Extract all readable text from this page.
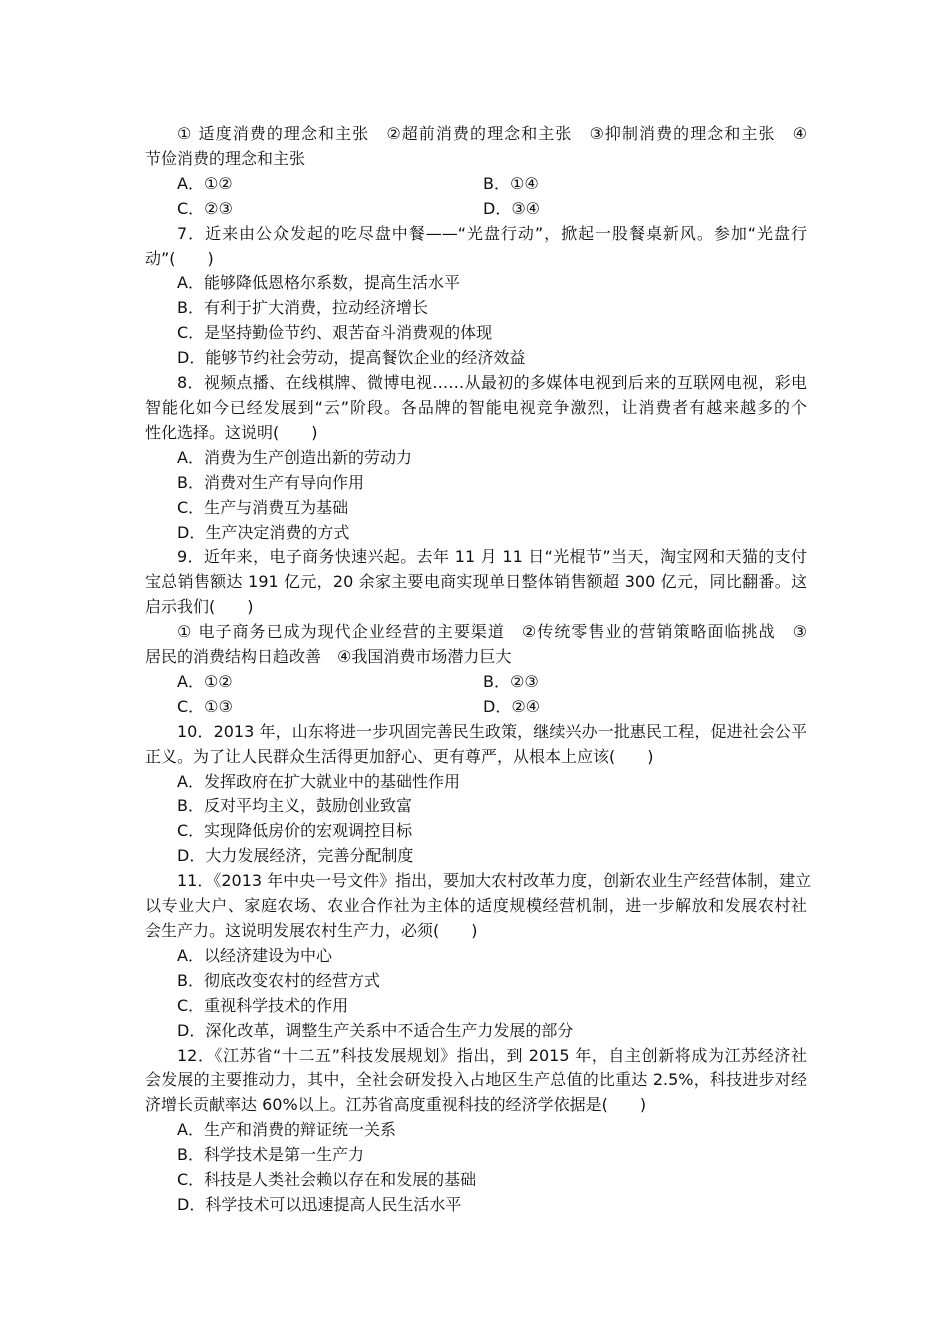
① 适度消费的理念和主张　②超前消费的理念和主张　③抑制消费的理念和主张　④
节俭消费的理念和主张
A．①②	B．①④
C．②③	D．③④
7．近来由公众发起的吃尽盘中餐——“光盘行动”，掀起一股餐桌新风。参加“光盘行
动”(　　)
A．能够降低恩格尔系数，提高生活水平
B．有利于扩大消费，拉动经济增长
C．是坚持勤俭节约、艰苦奋斗消费观的体现
D．能够节约社会劳动，提高餐饮企业的经济效益
8．视频点播、在线棋牌、微博电视……从最初的多媒体电视到后来的互联网电视，彩电
智能化如今已经发展到“云”阶段。各品牌的智能电视竞争激烈，让消费者有越来越多的个
性化选择。这说明(　　)
A．消费为生产创造出新的劳动力
B．消费对生产有导向作用
C．生产与消费互为基础
D．生产决定消费的方式
9．近年来，电子商务快速兴起。去年 11 月 11 日“光棍节”当天，淘宝网和天猫的支付
宝总销售额达 191 亿元，20 余家主要电商实现单日整体销售额超 300 亿元，同比翻番。这
启示我们(　　)
① 电子商务已成为现代企业经营的主要渠道　②传统零售业的营销策略面临挑战　③
居民的消费结构日趋改善　④我国消费市场潜力巨大
A．①②	B．②③
C．①③	D．②④
10．2013 年，山东将进一步巩固完善民生政策，继续兴办一批惠民工程，促进社会公平
正义。为了让人民群众生活得更加舒心、更有尊严，从根本上应该(　　)
A．发挥政府在扩大就业中的基础性作用
B．反对平均主义，鼓励创业致富
C．实现降低房价的宏观调控目标
D．大力发展经济，完善分配制度
11．《2013 年中央一号文件》指出，要加大农村改革力度，创新农业生产经营体制，建立
以专业大户、家庭农场、农业合作社为主体的适度规模经营机制，进一步解放和发展农村社
会生产力。这说明发展农村生产力，必须(　　)
A．以经济建设为中心
B．彻底改变农村的经营方式
C．重视科学技术的作用
D．深化改革，调整生产关系中不适合生产力发展的部分
12．《江苏省“十二五”科技发展规划》指出，到 2015 年，自主创新将成为江苏经济社
会发展的主要推动力，其中，全社会研发投入占地区生产总值的比重达 2.5%，科技进步对经
济增长贡献率达 60%以上。江苏省高度重视科技的经济学依据是(　　)
A．生产和消费的辩证统一关系
B．科学技术是第一生产力
C．科技是人类社会赖以存在和发展的基础
D．科学技术可以迅速提高人民生活水平
